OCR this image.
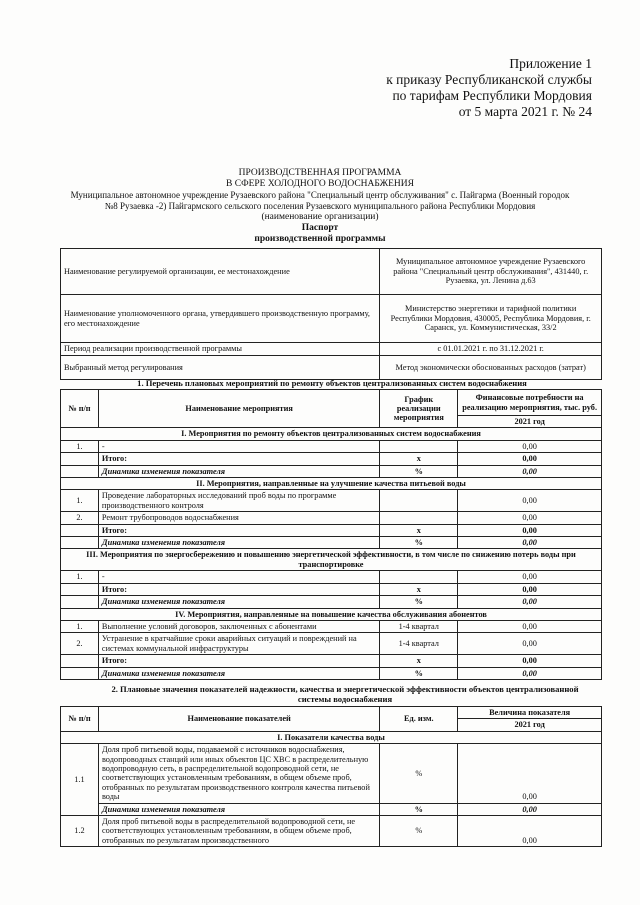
Приложение 1
к приказу Республиканской службы
по тарифам Республики Мордовия
от 5 марта 2021 г. № 24
ПРОИЗВОДСТВЕННАЯ ПРОГРАММА
В СФЕРЕ ХОЛОДНОГО ВОДОСНАБЖЕНИЯ
Муниципальное автономное учреждение Рузаевского района "Специальный центр обслуживания" с. Пайгарма (Военный городок №8 Рузаевка -2) Пайгармского сельского поселения Рузаевского муниципального района Республики Мордовия
(наименование организации)
Паспорт
производственной программы
Наименование регулируемой организации, ее местонахождение	Муниципальное автономное учреждение Рузаевского района "Специальный центр обслуживания", 431440, г. Рузаевка, ул. Ленина д.63
Наименование уполномоченного органа, утвердившего производственную программу, его местонахождение	Министерство энергетики и тарифной политики Республики Мордовия, 430005, Республика Мордовия, г. Саранск, ул. Коммунистическая, 33/2
Период реализации производственной программы	с 01.01.2021 г. по 31.12.2021 г.
Выбранный метод регулирования	Метод экономически обоснованных расходов (затрат)
1. Перечень плановых мероприятий по ремонту объектов централизованных систем водоснабжения
№ п/п	Наименование мероприятия	График реализации мероприятия	Финансовые потребности на реализацию мероприятия, тыс. руб.
			2021 год
I. Мероприятия по ремонту объектов централизованных систем водоснабжения			
1.	-		0,00
	Итого:	х	0,00
	Динамика изменения показателя	%	0,00
II. Мероприятия, направленные на улучшение качества питьевой воды			
1.	Проведение лабораторных исследований проб воды по программе производственного контроля		0,00
2.	Ремонт трубопроводов водоснабжения		0,00
	Итого:	х	0,00
	Динамика изменения показателя	%	0,00
III. Мероприятия по энергосбережению и повышению энергетической эффективности, в том числе по снижению потерь воды при транспортировке			
1.	-		0,00
	Итого:	х	0,00
	Динамика изменения показателя	%	0,00
IV. Мероприятия, направленные на повышение качества обслуживания абонентов			
1.	Выполнение условий договоров, заключенных с абонентами	1-4 квартал	0,00
2.	Устранение в кратчайшие сроки аварийных ситуаций и повреждений на системах коммунальной инфраструктуры	1-4 квартал	0,00
	Итого:	х	0,00
	Динамика изменения показателя	%	0,00
2. Плановые значения показателей надежности, качества и энергетической эффективности объектов централизованной системы водоснабжения
№ п/п	Наименование показателей	Ед. изм.	Величина показателя
			2021 год
I. Показатели качества воды			
1.1	Доля проб питьевой воды, подаваемой с источников водоснабжения, водопроводных станций или иных объектов ЦС ХВС в распределительную водопроводную сеть, в распределительной водопроводной сети, не соответствующих установленным требованиям, в общем объеме проб, отобранных по результатам производственного контроля качества питьевой воды	%	0,00
	Динамика изменения показателя	%	0,00
1.2	Доля проб питьевой воды в распределительной водопроводной сети, не соответствующих установленным требованиям, в общем объеме проб, отобранных по результатам производственного	%	0,00
